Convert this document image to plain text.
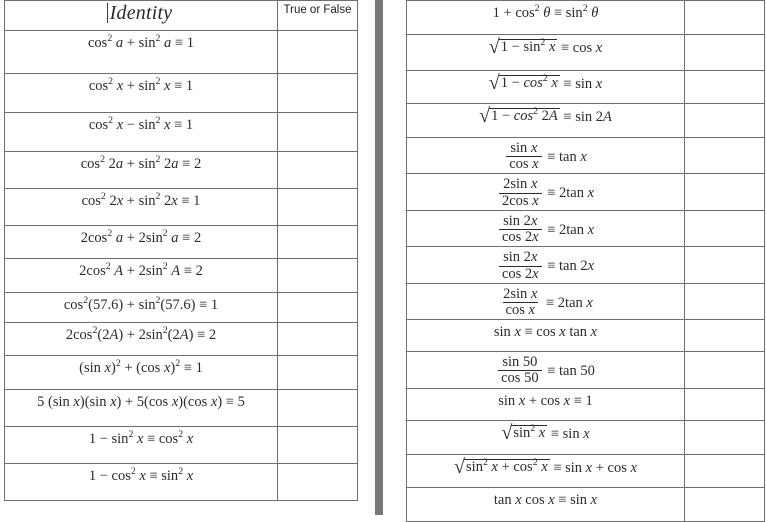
Identity	True or False

$\cos^2 a + \sin^2 a \equiv 1$	

$\cos^2 x + \sin^2 x \equiv 1$	

$\cos^2 x - \sin^2 x \equiv 1$	

$\cos^2 2a + \sin^2 2a \equiv 2$	

$\cos^2 2x + \sin^2 2x \equiv 1$	

$2\cos^2$ $a + 2\sin^2$ a ≡ 2	

$2\cos^2$ $A + 2\sin^2$ A ≡ 2	

$\cos^2(57.6) + \sin^2(57.6) \equiv 1$	

$2\cos^2(2A) + 2\sin^2(2A) \equiv 2$	

(sin x)$^2$ + (cos x)$^2$ ≡ 1	

5 (sin x)(sin x) + 5(cos x)(cos x) ≡ 5	

$1 - \sin^2 x \equiv \cos^2 x$	

$1 - \cos^2 x \equiv \sin^2 x$	

$1 + \cos^2 \theta \equiv \sin^2 \theta$	

√ $1 - \sin^2 x \equiv \cos x$	

√ $1 - \cos^2 x \equiv \sin x$	

√ $1 - \cos^2 2A \equiv \sin 2A$	

$\frac{\text{sin x}}{\text{cos x}} \equiv \tan x$	

$\frac{\text{2sin x}}{\text{2cos x}} \equiv 2\tan$ x	

$\frac{\sin 2x}{\cos 2x} \equiv 2\tan$ x	

$\frac{\sin 2x}{\cos 2x} \equiv \tan 2x$	

$\frac{\text{2sin x}}{\text{cos x}} \equiv 2\tan$ x	

sin x ≡ cos x tan x	

$\frac{\sin 50}{\cos 50} \equiv \tan 50$	

sin x + cos x ≡ 1	

√ $\sin^2 x \equiv \sin x$	

√ $\sin^2 x + \cos^2 x \equiv \sin x + \cos x$	

tan x cos x ≡ sin x	
